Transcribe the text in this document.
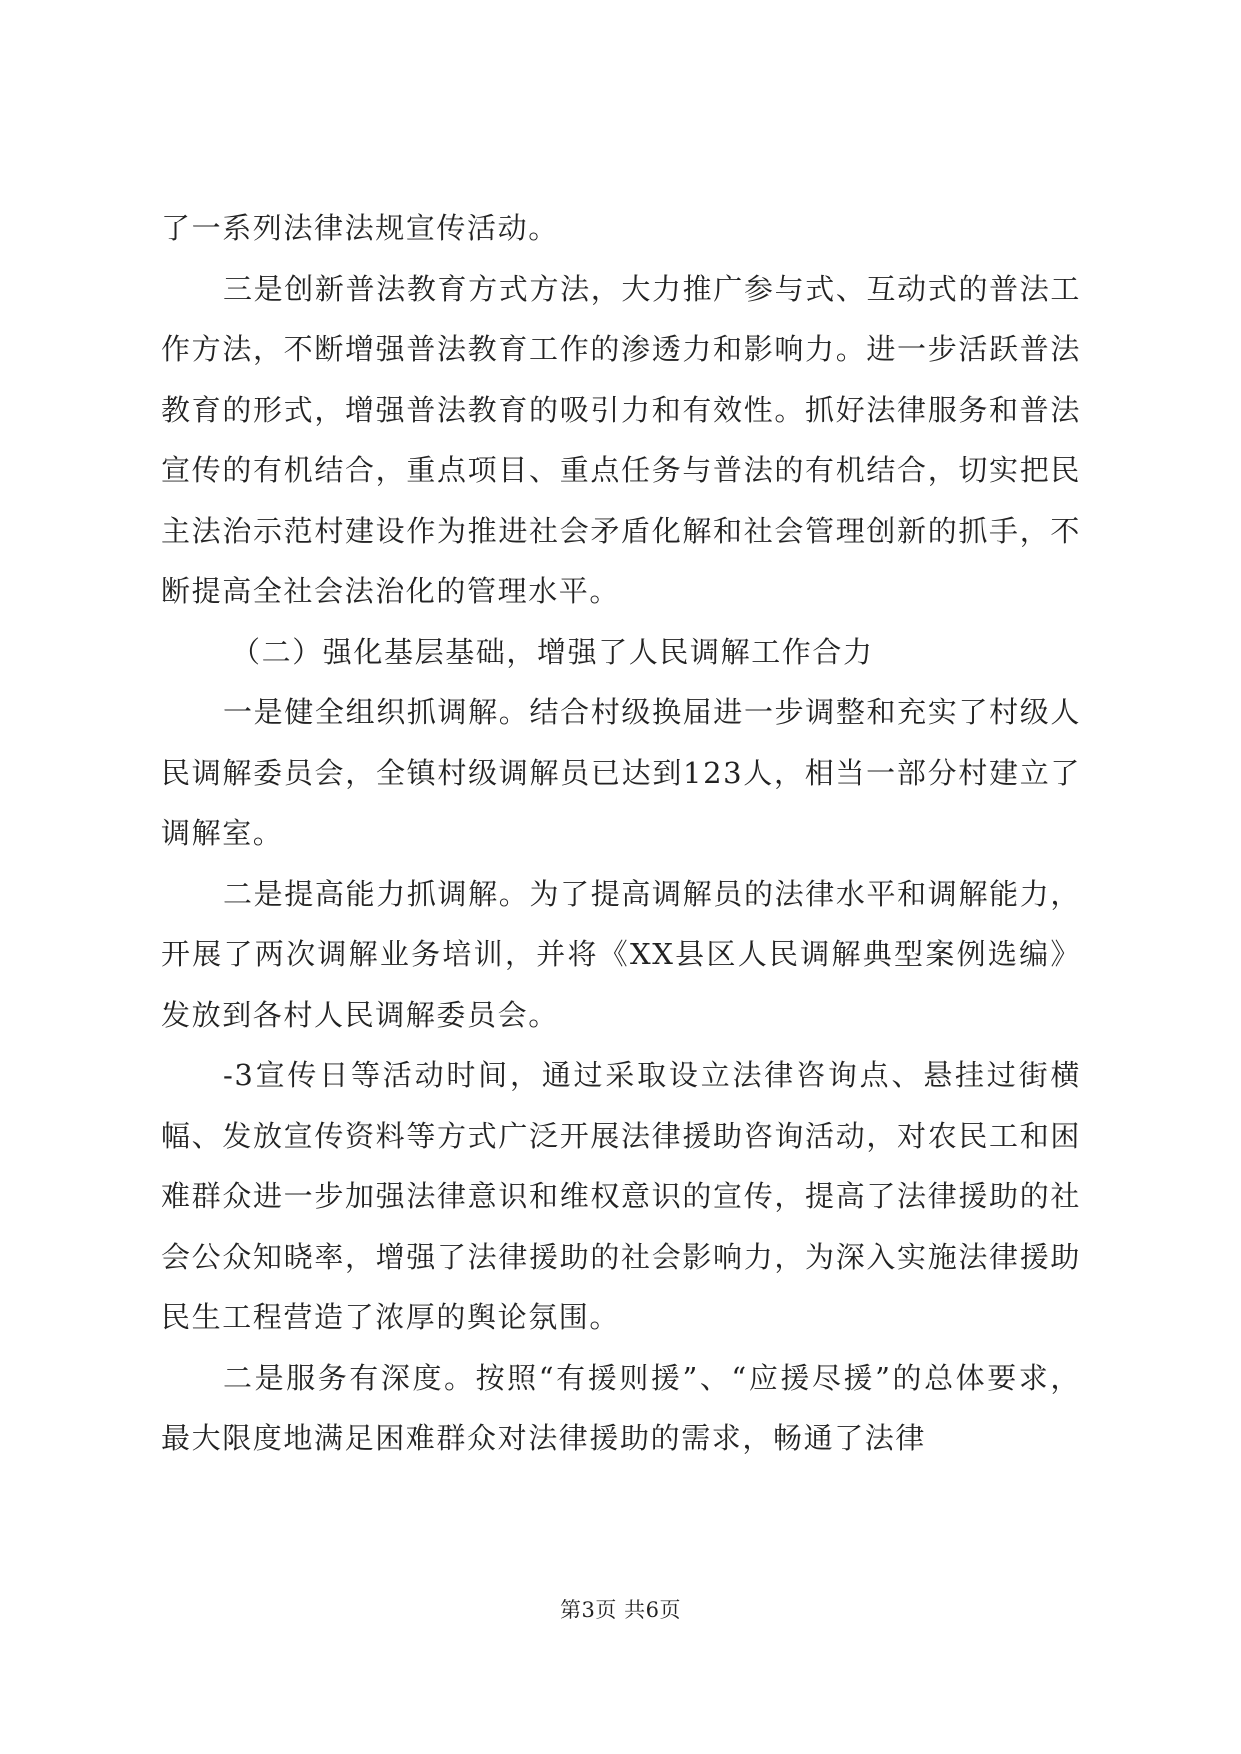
了一系列法律法规宣传活动。

三是创新普法教育方式方法，大力推广参与式、互动式的普法工作方法，不断增强普法教育工作的渗透力和影响力。进一步活跃普法教育的形式，增强普法教育的吸引力和有效性。抓好法律服务和普法宣传的有机结合，重点项目、重点任务与普法的有机结合，切实把民主法治示范村建设作为推进社会矛盾化解和社会管理创新的抓手，不断提高全社会法治化的管理水平。

（二）强化基层基础，增强了人民调解工作合力

一是健全组织抓调解。结合村级换届进一步调整和充实了村级人民调解委员会，全镇村级调解员已达到123人，相当一部分村建立了调解室。

二是提高能力抓调解。为了提高调解员的法律水平和调解能力，开展了两次调解业务培训，并将《XX县区人民调解典型案例选编》发放到各村人民调解委员会。

-3宣传日等活动时间，通过采取设立法律咨询点、悬挂过街横幅、发放宣传资料等方式广泛开展法律援助咨询活动，对农民工和困难群众进一步加强法律意识和维权意识的宣传，提高了法律援助的社会公众知晓率，增强了法律援助的社会影响力，为深入实施法律援助民生工程营造了浓厚的舆论氛围。

二是服务有深度。按照“有援则援”、“应援尽援”的总体要求，最大限度地满足困难群众对法律援助的需求，畅通了法律

第3页 共6页
